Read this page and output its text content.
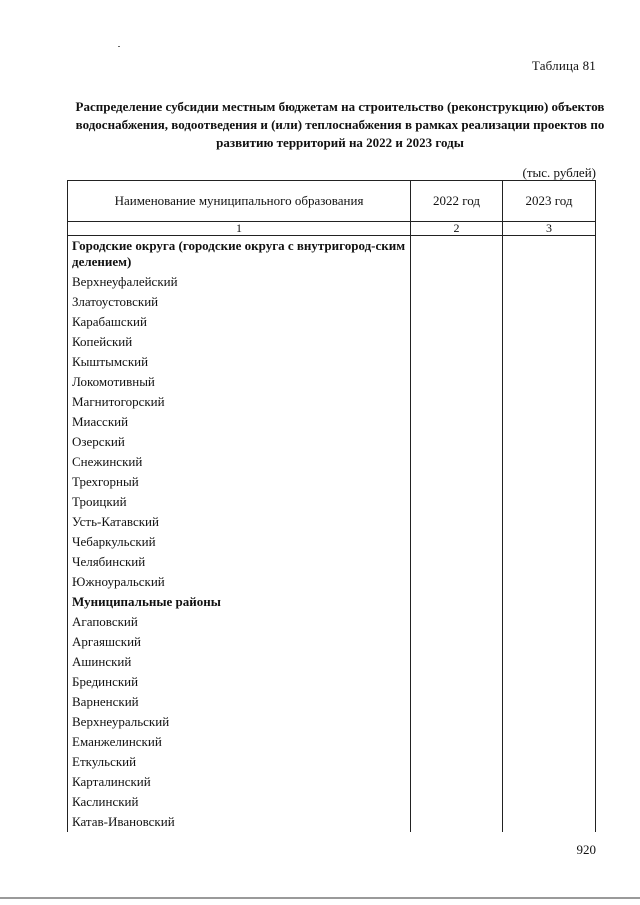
Таблица 81
Распределение субсидии местным бюджетам на строительство (реконструкцию) объектов водоснабжения, водоотведения и (или) теплоснабжения в рамках реализации проектов по развитию территорий на 2022 и 2023 годы
(тыс. рублей)
Наименование муниципального образования	2022 год	2023 год
1	2	3
Городские округа (городские округа с внутригород-ским делением)		
Верхнеуфалейский		
Златоустовский		
Карабашский		
Копейский		
Кыштымский		
Локомотивный		
Магнитогорский		
Миасский		
Озерский		
Снежинский		
Трехгорный		
Троицкий		
Усть-Катавский		
Чебаркульский		
Челябинский		
Южноуральский		
Муниципальные районы		
Агаповский		
Аргаяшский		
Ашинский		
Брединский		
Варненский		
Верхнеуральский		
Еманжелинский		
Еткульский		
Карталинский		
Каслинский		
Катав-Ивановский		
920
